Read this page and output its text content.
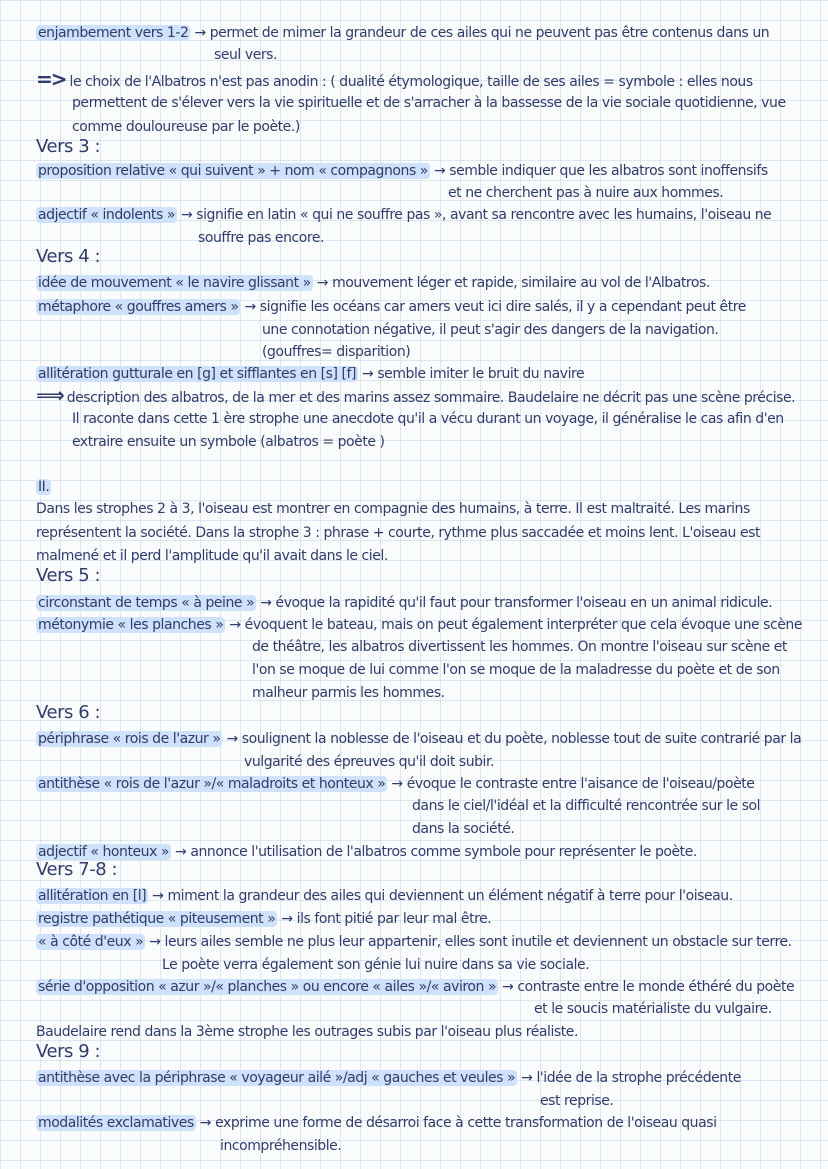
enjambement vers 1-2 → permet de mimer la grandeur de ces ailes qui ne peuvent pas être contenus dans un
seul vers.
=> le choix de l'Albatros n'est pas anodin : ( dualité étymologique, taille de ses ailes = symbole : elles nous
permettent de s'élever vers la vie spirituelle et de s'arracher à la bassesse de la vie sociale quotidienne, vue
comme douloureuse par le poète.)
Vers 3 :
proposition relative « qui suivent » + nom « compagnons » → semble indiquer que les albatros sont inoffensifs
et ne cherchent pas à nuire aux hommes.
adjectif « indolents » → signifie en latin « qui ne souffre pas », avant sa rencontre avec les humains, l'oiseau ne
souffre pas encore.
Vers 4 :
idée de mouvement « le navire glissant » → mouvement léger et rapide, similaire au vol de l'Albatros.
métaphore « gouffres amers » → signifie les océans car amers veut ici dire salés, il y a cependant peut être
une connotation négative, il peut s'agir des dangers de la navigation.
(gouffres= disparition)
allitération gutturale en [g] et sifflantes en [s] [f] → semble imiter le bruit du navire
⟹ description des albatros, de la mer et des marins assez sommaire. Baudelaire ne décrit pas une scène précise.
Il raconte dans cette 1 ère strophe une anecdote qu'il a vécu durant un voyage, il généralise le cas afin d'en
extraire ensuite un symbole (albatros = poète )
II.
Dans les strophes 2 à 3, l'oiseau est montrer en compagnie des humains, à terre. Il est maltraité. Les marins
représentent la société. Dans la strophe 3 : phrase + courte, rythme plus saccadée et moins lent. L'oiseau est
malmené et il perd l'amplitude qu'il avait dans le ciel.
Vers 5 :
circonstant de temps « à peine » → évoque la rapidité qu'il faut pour transformer l'oiseau en un animal ridicule.
métonymie « les planches » → évoquent le bateau, mais on peut également interpréter que cela évoque une scène
de théâtre, les albatros divertissent les hommes. On montre l'oiseau sur scène et
l'on se moque de lui comme l'on se moque de la maladresse du poète et de son
malheur parmis les hommes.
Vers 6 :
périphrase « rois de l'azur » → soulignent la noblesse de l'oiseau et du poète, noblesse tout de suite contrarié par la
vulgarité des épreuves qu'il doit subir.
antithèse « rois de l'azur »/« maladroits et honteux » → évoque le contraste entre l'aisance de l'oiseau/poète
dans le ciel/l'idéal et la difficulté rencontrée sur le sol
dans la société.
adjectif « honteux » → annonce l'utilisation de l'albatros comme symbole pour représenter le poète.
Vers 7-8 :
allitération en [l] → miment la grandeur des ailes qui deviennent un élément négatif à terre pour l'oiseau.
registre pathétique « piteusement » → ils font pitié par leur mal être.
« à côté d'eux » → leurs ailes semble ne plus leur appartenir, elles sont inutile et deviennent un obstacle sur terre.
Le poète verra également son génie lui nuire dans sa vie sociale.
série d'opposition « azur »/« planches » ou encore « ailes »/« aviron » → contraste entre le monde éthéré du poète
et le soucis matérialiste du vulgaire.
Baudelaire rend dans la 3ème strophe les outrages subis par l'oiseau plus réaliste.
Vers 9 :
antithèse avec la périphrase « voyageur ailé »/adj « gauches et veules » → l'idée de la strophe précédente
est reprise.
modalités exclamatives → exprime une forme de désarroi face à cette transformation de l'oiseau quasi
incompréhensible.
